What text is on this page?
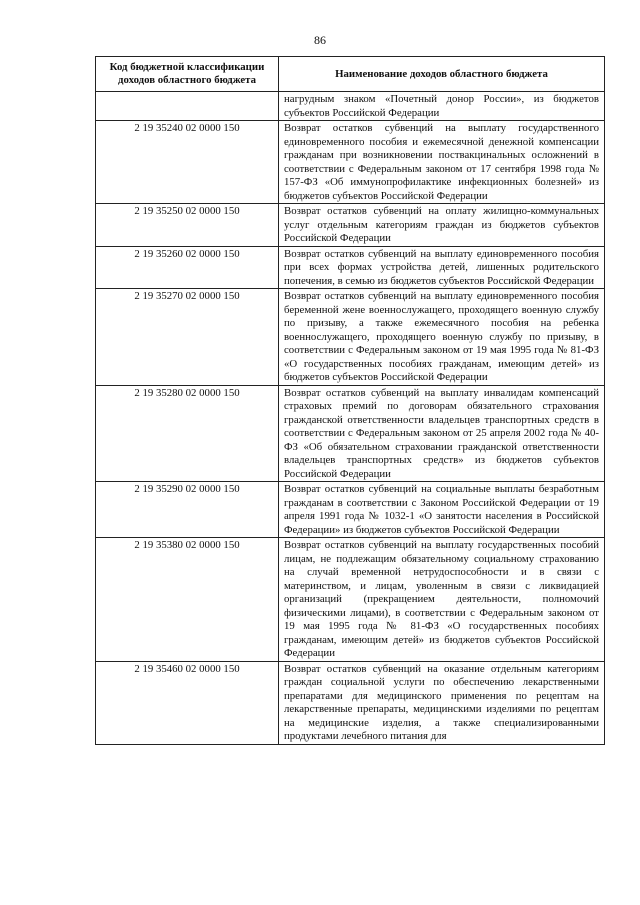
86
Код бюджетной классификации доходов областного бюджета	Наименование доходов областного бюджета
	нагрудным знаком «Почетный донор России», из бюджетов субъектов Российской Федерации
2 19 35240 02 0000 150	Возврат остатков субвенций на выплату государственного единовременного пособия и ежемесячной денежной компенсации гражданам при возникновении поствакцинальных осложнений в соответствии с Федеральным законом от 17 сентября 1998 года № 157-ФЗ «Об иммунопрофилактике инфекционных болезней» из бюджетов субъектов Российской Федерации
2 19 35250 02 0000 150	Возврат остатков субвенций на оплату жилищно-коммунальных услуг отдельным категориям граждан из бюджетов субъектов Российской Федерации
2 19 35260 02 0000 150	Возврат остатков субвенций на выплату единовременного пособия при всех формах устройства детей, лишенных родительского попечения, в семью из бюджетов субъектов Российской Федерации
2 19 35270 02 0000 150	Возврат остатков субвенций на выплату единовременного пособия беременной жене военнослужащего, проходящего военную службу по призыву, а также ежемесячного пособия на ребенка военнослужащего, проходящего военную службу по призыву, в соответствии с Федеральным законом от 19 мая 1995 года № 81-ФЗ «О государственных пособиях гражданам, имеющим детей» из бюджетов субъектов Российской Федерации
2 19 35280 02 0000 150	Возврат остатков субвенций на выплату инвалидам компенсаций страховых премий по договорам обязательного страхования гражданской ответственности владельцев транспортных средств в соответствии с Федеральным законом от 25 апреля 2002 года № 40-ФЗ «Об обязательном страховании гражданской ответственности владельцев транспортных средств» из бюджетов субъектов Российской Федерации
2 19 35290 02 0000 150	Возврат остатков субвенций на социальные выплаты безработным гражданам в соответствии с Законом Российской Федерации от 19 апреля 1991 года № 1032-1 «О занятости населения в Российской Федерации» из бюджетов субъектов Российской Федерации
2 19 35380 02 0000 150	Возврат остатков субвенций на выплату государственных пособий лицам, не подлежащим обязательному социальному страхованию на случай временной нетрудоспособности и в связи с материнством, и лицам, уволенным в связи с ликвидацией организаций (прекращением деятельности, полномочий физическими лицами), в соответствии с Федеральным законом от 19 мая 1995 года № 81-ФЗ «О государственных пособиях гражданам, имеющим детей» из бюджетов субъектов Российской Федерации
2 19 35460 02 0000 150	Возврат остатков субвенций на оказание отдельным категориям граждан социальной услуги по обеспечению лекарственными препаратами для медицинского применения по рецептам на лекарственные препараты, медицинскими изделиями по рецептам на медицинские изделия, а также специализированными продуктами лечебного питания для
